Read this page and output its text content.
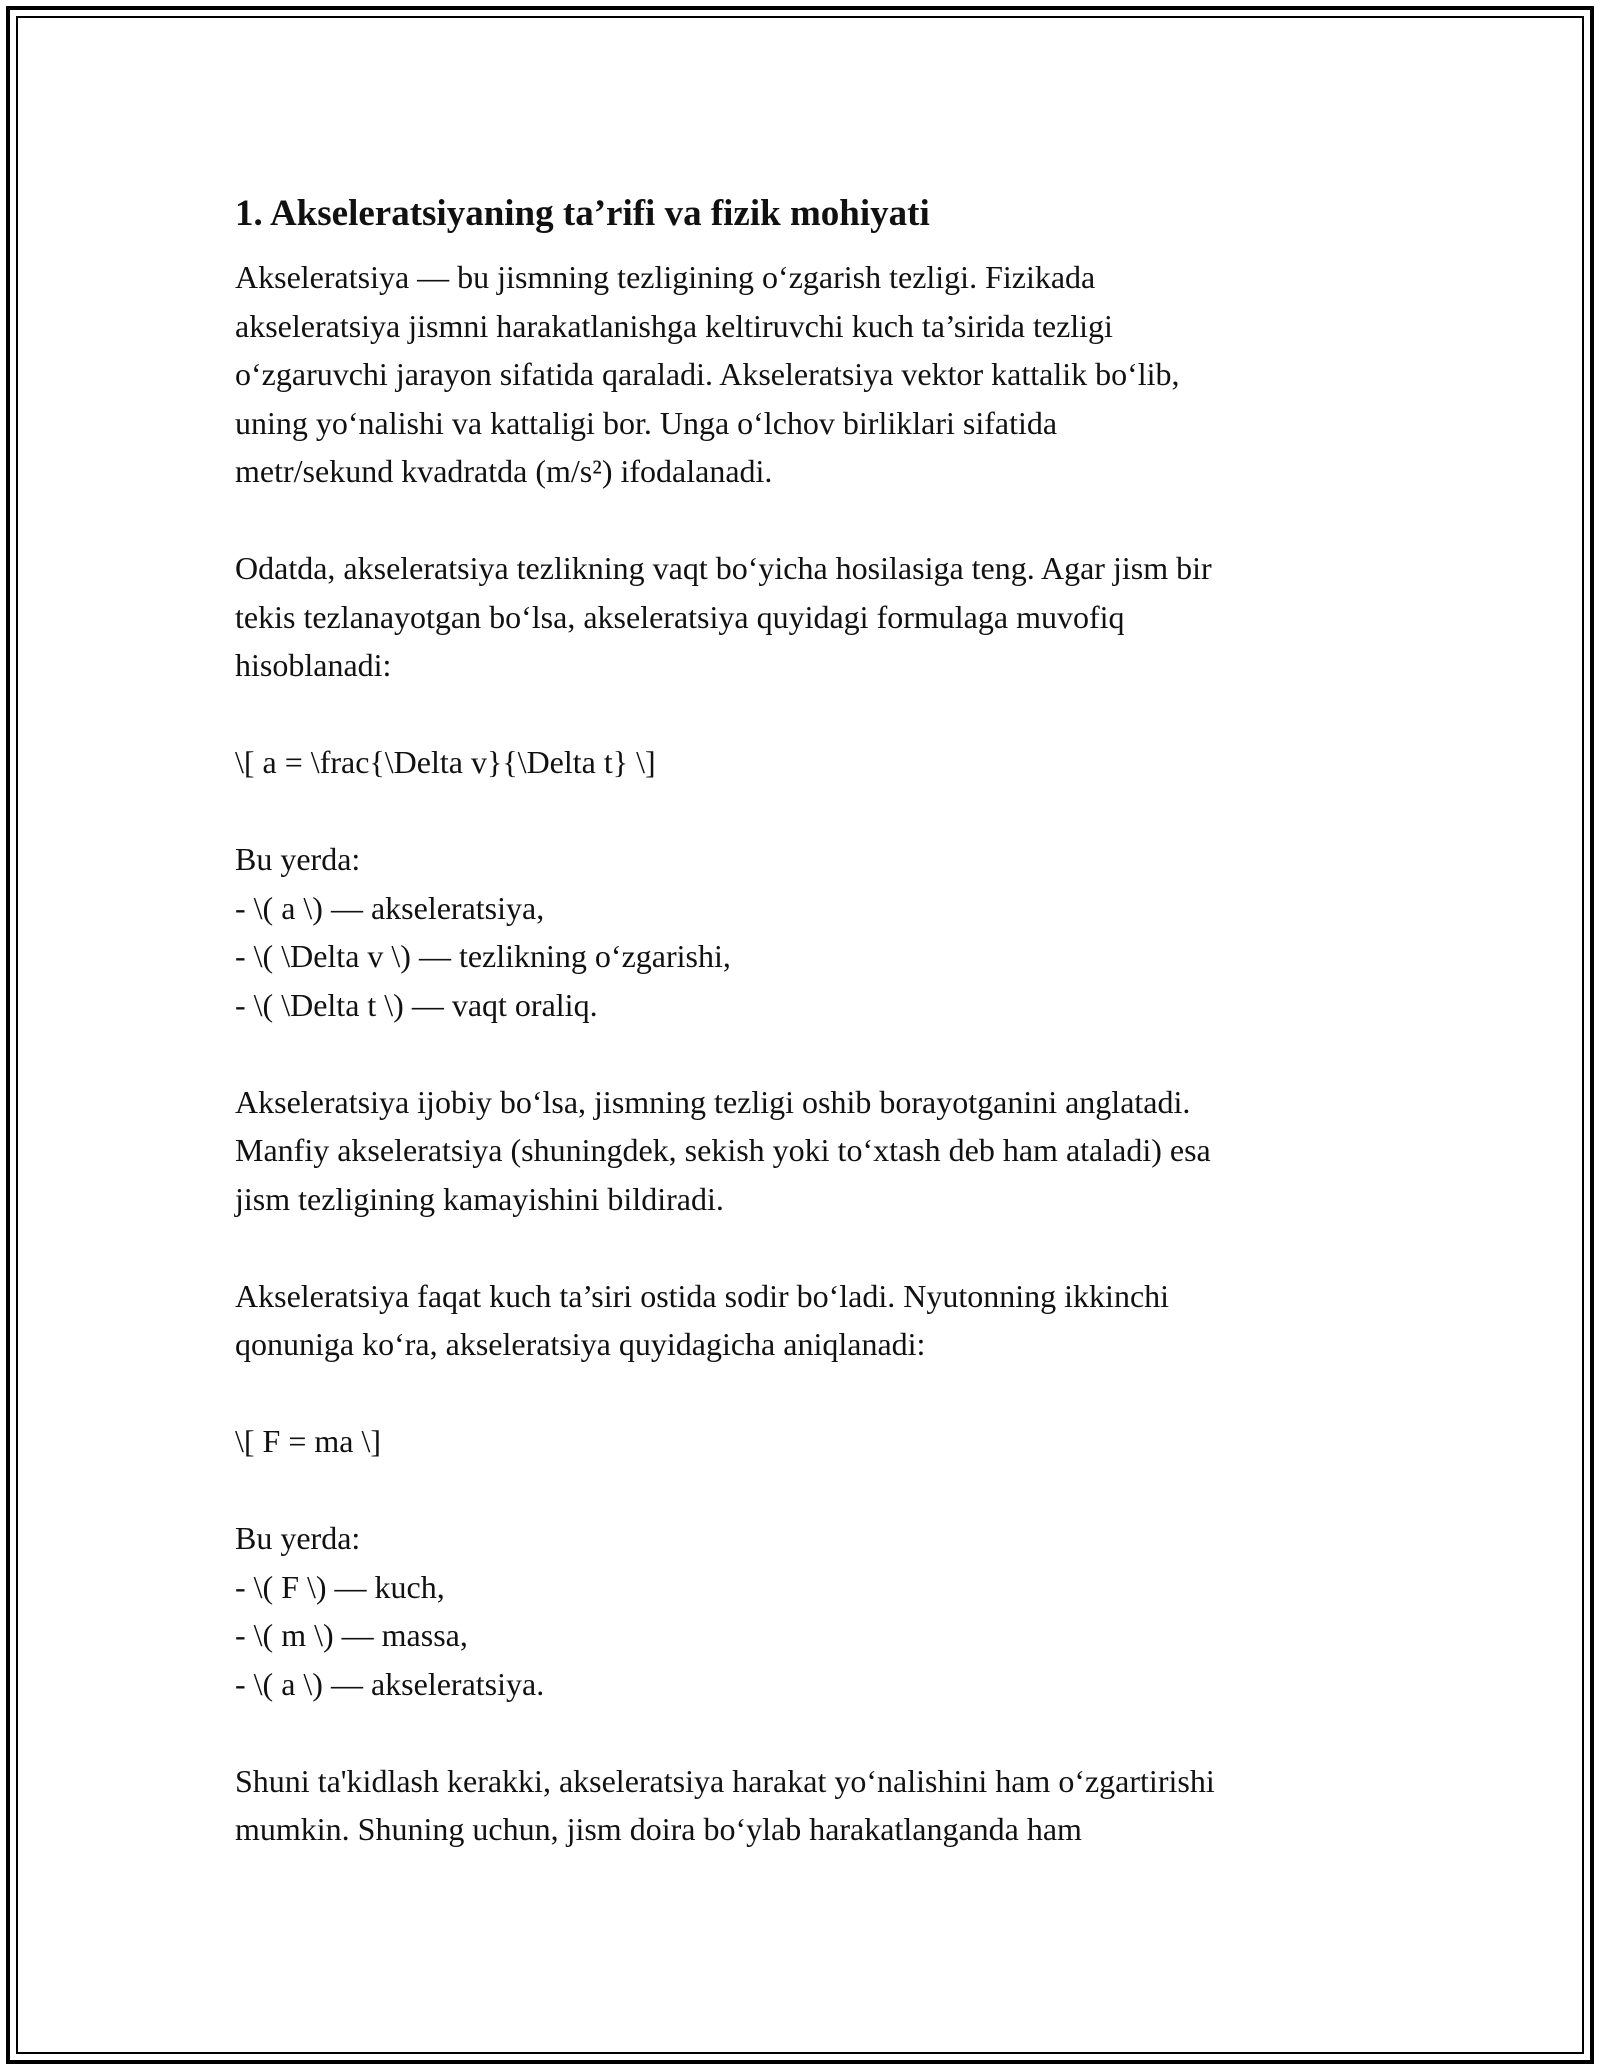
1. Akseleratsiyaning ta’rifi va fizik mohiyati

Akseleratsiya — bu jismning tezligining o‘zgarish tezligi. Fizikada
akseleratsiya jismni harakatlanishga keltiruvchi kuch ta’sirida tezligi
o‘zgaruvchi jarayon sifatida qaraladi. Akseleratsiya vektor kattalik bo‘lib,
uning yo‘nalishi va kattaligi bor. Unga o‘lchov birliklari sifatida
metr/sekund kvadratda (m/s²) ifodalanadi.

Odatda, akseleratsiya tezlikning vaqt bo‘yicha hosilasiga teng. Agar jism bir
tekis tezlanayotgan bo‘lsa, akseleratsiya quyidagi formulaga muvofiq
hisoblanadi:

\[ a = \frac{\Delta v}{\Delta t} \]

Bu yerda:
- \( a \) — akseleratsiya,
- \( \Delta v \) — tezlikning o‘zgarishi,
- \( \Delta t \) — vaqt oraliq.

Akseleratsiya ijobiy bo‘lsa, jismning tezligi oshib borayotganini anglatadi.
Manfiy akseleratsiya (shuningdek, sekish yoki to‘xtash deb ham ataladi) esa
jism tezligining kamayishini bildiradi.

Akseleratsiya faqat kuch ta’siri ostida sodir bo‘ladi. Nyutonning ikkinchi
qonuniga ko‘ra, akseleratsiya quyidagicha aniqlanadi:

\[ F = ma \]

Bu yerda:
- \( F \) — kuch,
- \( m \) — massa,
- \( a \) — akseleratsiya.

Shuni ta'kidlash kerakki, akseleratsiya harakat yo‘nalishini ham o‘zgartirishi
mumkin. Shuning uchun, jism doira bo‘ylab harakatlanganda ham
